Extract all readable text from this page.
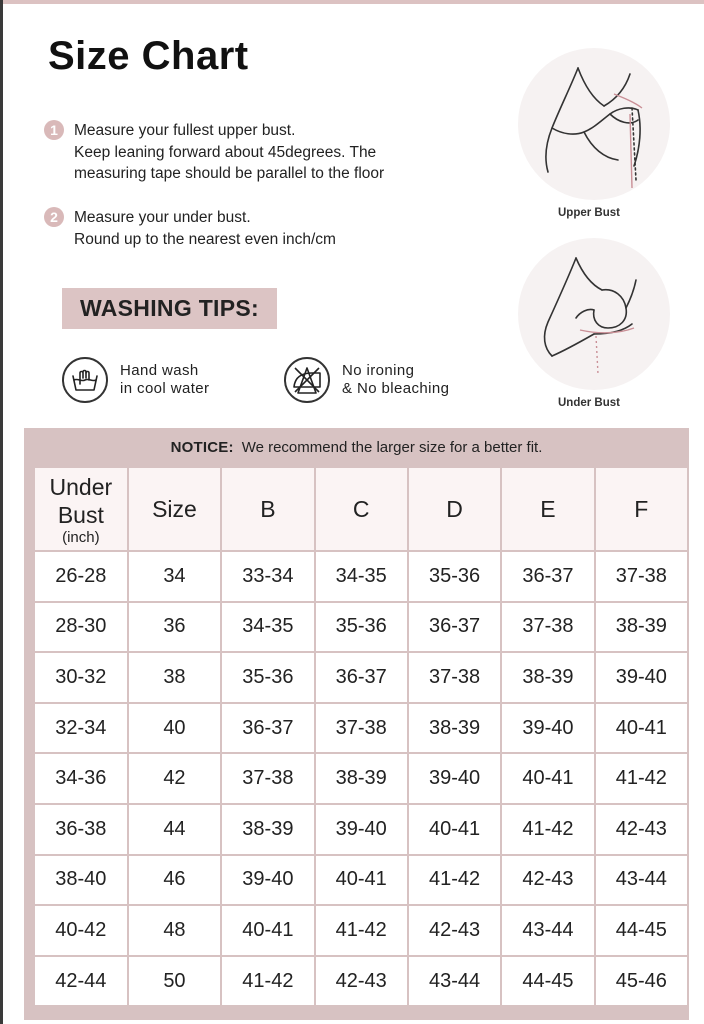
Size Chart
1	Measure your fullest upper bust.
Keep leaning forward about 45degrees. The
measuring tape should be parallel to the floor
2	Measure your under bust.
Round up to the nearest even inch/cm
Upper Bust
Under Bust
WASHING TIPS:
Hand wash
in cool water
No ironing
& No bleaching
NOTICE: We recommend the larger size for a better fit.
Under
Bust
(inch)	Size	B	C	D	E	F
26-28	34	33-34	34-35	35-36	36-37	37-38
28-30	36	34-35	35-36	36-37	37-38	38-39
30-32	38	35-36	36-37	37-38	38-39	39-40
32-34	40	36-37	37-38	38-39	39-40	40-41
34-36	42	37-38	38-39	39-40	40-41	41-42
36-38	44	38-39	39-40	40-41	41-42	42-43
38-40	46	39-40	40-41	41-42	42-43	43-44
40-42	48	40-41	41-42	42-43	43-44	44-45
42-44	50	41-42	42-43	43-44	44-45	45-46
